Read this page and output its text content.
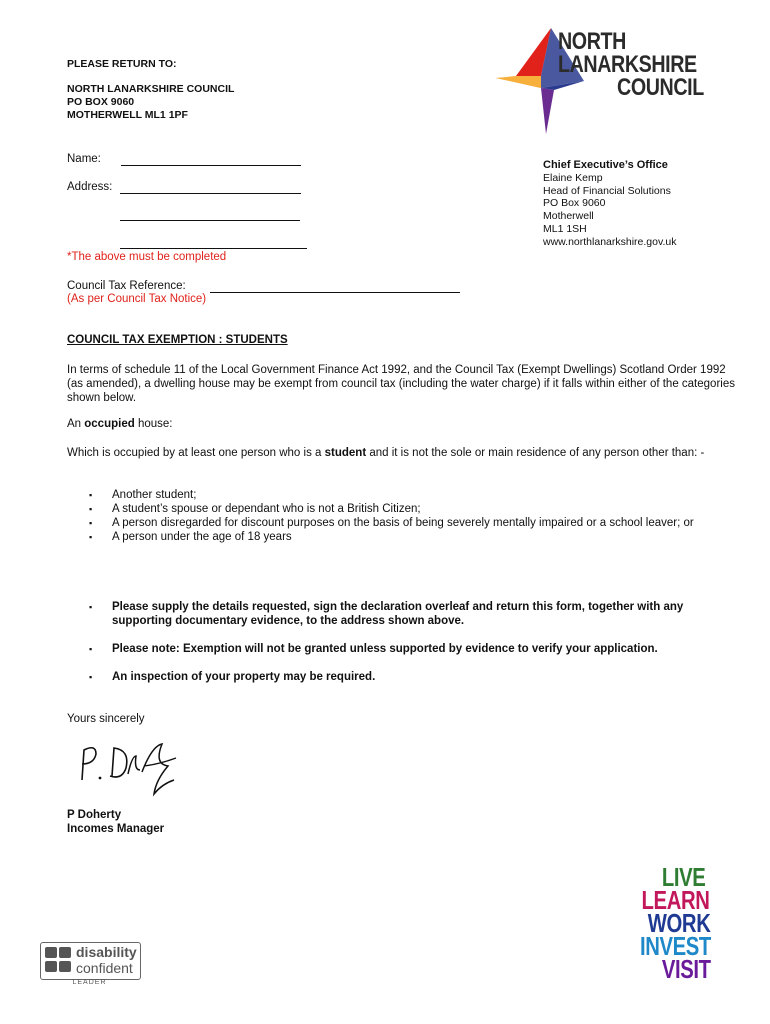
PLEASE RETURN TO:
NORTH LANARKSHIRE COUNCIL
PO BOX 9060
MOTHERWELL ML1 1PF
NORTH
LANARKSHIRE
COUNCIL
Name:
Address:
*The above must be completed
Council Tax Reference:
(As per Council Tax Notice)
Chief Executive’s Office
Elaine Kemp
Head of Financial Solutions
PO Box 9060
Motherwell
ML1 1SH
www.northlanarkshire.gov.uk
COUNCIL TAX EXEMPTION : STUDENTS
In terms of schedule 11 of the Local Government Finance Act 1992, and the Council Tax (Exempt Dwellings) Scotland Order 1992 (as amended), a dwelling house may be exempt from council tax (including the water charge) if it falls within either of the categories shown below.
An occupied house:
Which is occupied by at least one person who is a student and it is not the sole or main residence of any person other than: -
▪ Another student;
▪ A student’s spouse or dependant who is not a British Citizen;
▪ A person disregarded for discount purposes on the basis of being severely mentally impaired or a school leaver; or
▪ A person under the age of 18 years
▪ Please supply the details requested, sign the declaration overleaf and return this form, together with any supporting documentary evidence, to the address shown above.
▪ Please note: Exemption will not be granted unless supported by evidence to verify your application.
▪ An inspection of your property may be required.
Yours sincerely
P Doherty
Incomes Manager
disability
confident
LEADER
LIVE
LEARN
WORK
INVEST
VISIT
